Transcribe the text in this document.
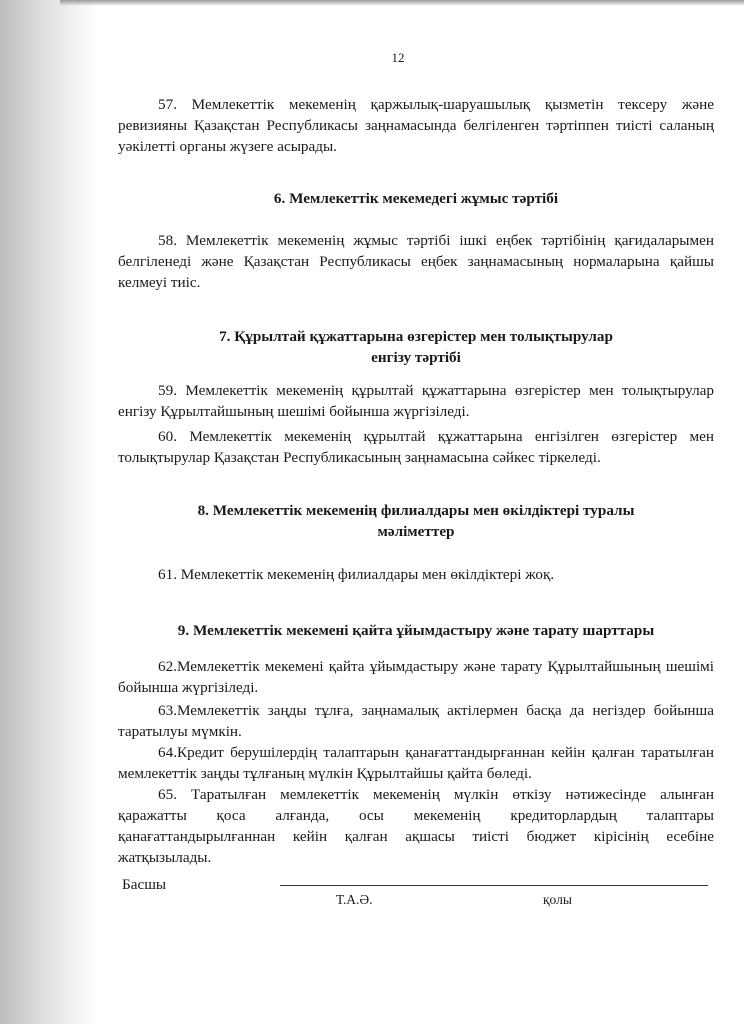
12

57. Мемлекеттік мекеменің қаржылық-шаруашылық қызметін тексеру және ревизияны Қазақстан Республикасы заңнамасында белгіленген тәртіппен тиісті саланың уәкілетті органы жүзеге асырады.

6. Мемлекеттік мекемедегі жұмыс тәртібі

58. Мемлекеттік мекеменің жұмыс тәртібі ішкі еңбек тәртібінің қағидаларымен белгіленеді және Қазақстан Республикасы еңбек заңнамасының нормаларына қайшы келмеуі тиіс.

7. Құрылтай құжаттарына өзгерістер мен толықтырулар
енгізу тәртібі

59. Мемлекеттік мекеменің құрылтай құжаттарына өзгерістер мен толықтырулар енгізу Құрылтайшының шешімі бойынша жүргізіледі.

60. Мемлекеттік мекеменің құрылтай құжаттарына енгізілген өзгерістер мен толықтырулар Қазақстан Республикасының заңнамасына сәйкес тіркеледі.

8. Мемлекеттік мекеменің филиалдары мен өкілдіктері туралы
мәліметтер

61. Мемлекеттік мекеменің филиалдары мен өкілдіктері жоқ.

9. Мемлекеттік мекемені қайта ұйымдастыру және тарату шарттары

62.Мемлекеттік мекемені қайта ұйымдастыру және тарату Құрылтайшының шешімі бойынша жүргізіледі.

63.Мемлекеттік заңды тұлға, заңнамалық актілермен басқа да негіздер бойынша таратылуы мүмкін.

64.Кредит берушілердің талаптарын қанағаттандырғаннан кейін қалған таратылған мемлекеттік заңды тұлғаның мүлкін Құрылтайшы қайта бөледі.

65. Таратылған мемлекеттік мекеменің мүлкін өткізу нәтижесінде алынған қаражатты қоса алғанда, осы мекеменің кредиторлардың талаптары қанағаттандырылғаннан кейін қалған ақшасы тиісті бюджет кірісінің есебіне жатқызылады.

Басшы
Т.А.Ә.	қолы
